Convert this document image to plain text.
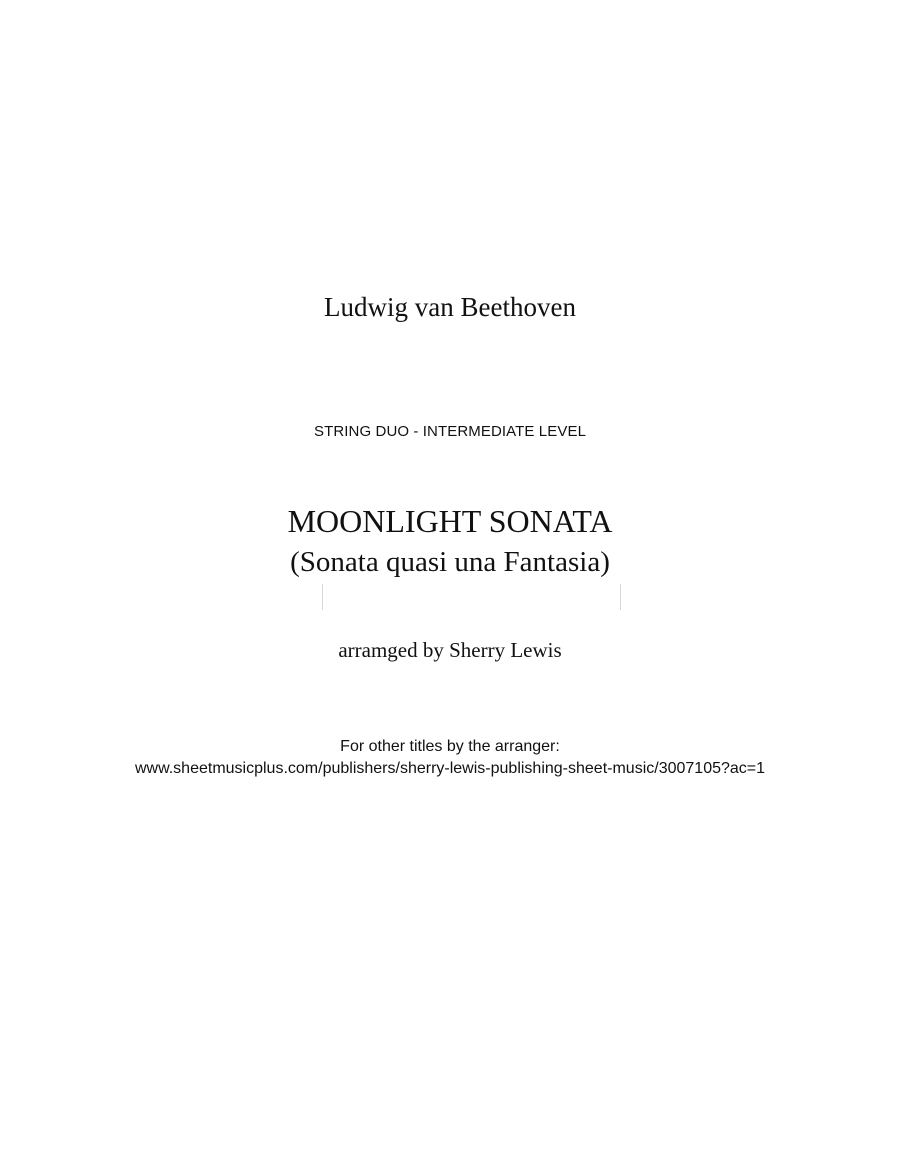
Ludwig van Beethoven
STRING DUO - INTERMEDIATE LEVEL
MOONLIGHT SONATA
(Sonata quasi una Fantasia)
arramged by Sherry Lewis
For other titles by the arranger:
www.sheetmusicplus.com/publishers/sherry-lewis-publishing-sheet-music/3007105?ac=1
